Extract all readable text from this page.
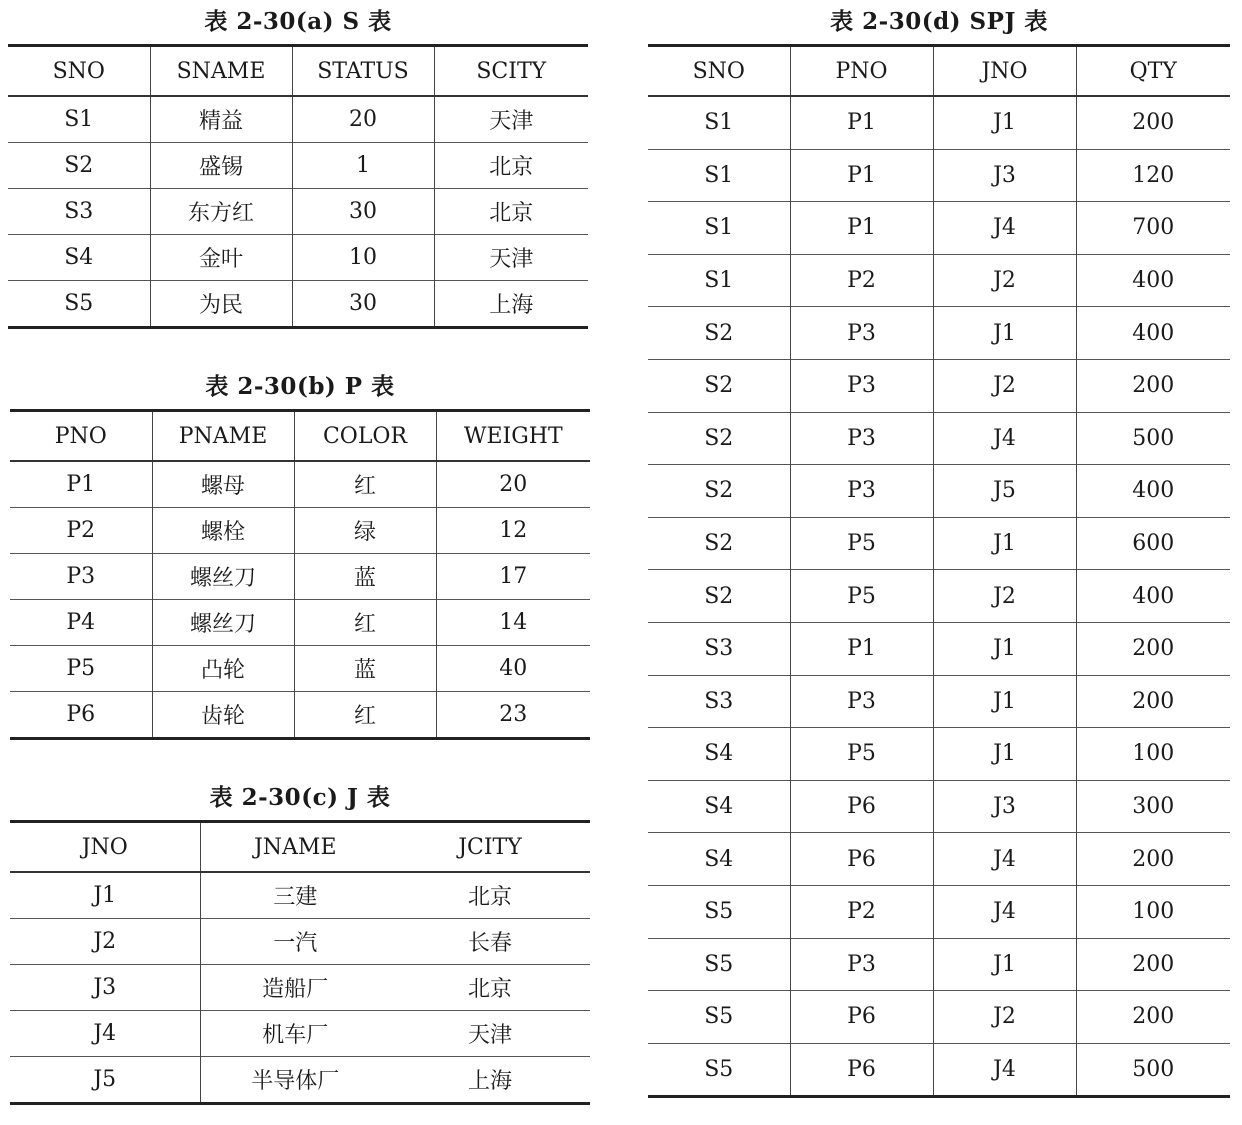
表 2-30(a) S 表
SNO	SNAME	STATUS	SCITY
S1	精益	20	天津
S2	盛锡	1	北京
S3	东方红	30	北京
S4	金叶	10	天津
S5	为民	30	上海
表 2-30(b) P 表
PNO	PNAME	COLOR	WEIGHT
P1	螺母	红	20
P2	螺栓	绿	12
P3	螺丝刀	蓝	17
P4	螺丝刀	红	14
P5	凸轮	蓝	40
P6	齿轮	红	23
表 2-30(c) J 表
JNO	JNAME	JCITY
J1	三建	北京
J2	一汽	长春
J3	造船厂	北京
J4	机车厂	天津
J5	半导体厂	上海
表 2-30(d) SPJ 表
SNO	PNO	JNO	QTY
S1	P1	J1	200
S1	P1	J3	120
S1	P1	J4	700
S1	P2	J2	400
S2	P3	J1	400
S2	P3	J2	200
S2	P3	J4	500
S2	P3	J5	400
S2	P5	J1	600
S2	P5	J2	400
S3	P1	J1	200
S3	P3	J1	200
S4	P5	J1	100
S4	P6	J3	300
S4	P6	J4	200
S5	P2	J4	100
S5	P3	J1	200
S5	P6	J2	200
S5	P6	J4	500
